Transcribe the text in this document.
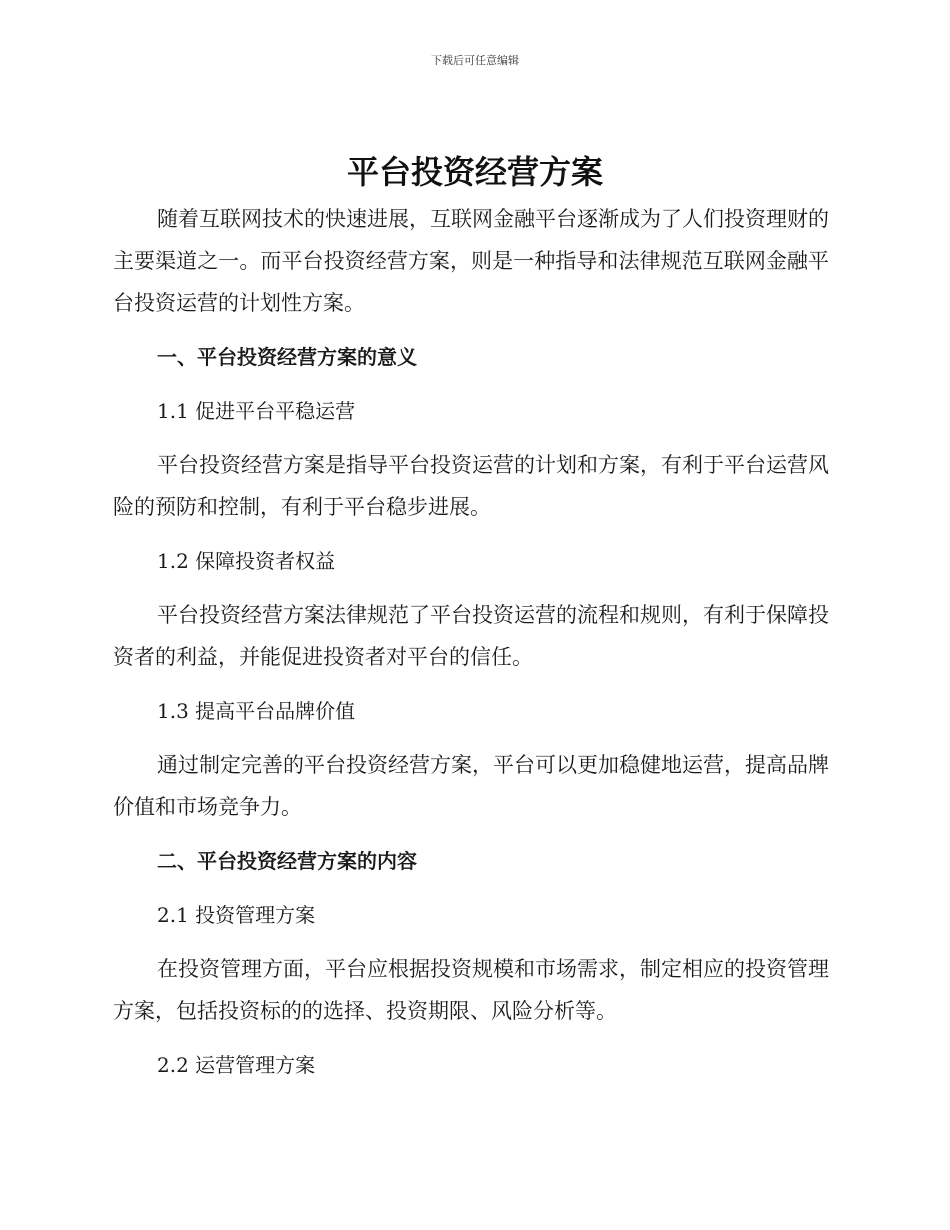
下载后可任意编辑
平台投资经营方案

随着互联网技术的快速进展，互联网金融平台逐渐成为了人们投资理财的主要渠道之一。而平台投资经营方案，则是一种指导和法律规范互联网金融平台投资运营的计划性方案。

一、平台投资经营方案的意义
1.1 促进平台平稳运营

平台投资经营方案是指导平台投资运营的计划和方案，有利于平台运营风险的预防和控制，有利于平台稳步进展。

1.2 保障投资者权益

平台投资经营方案法律规范了平台投资运营的流程和规则，有利于保障投资者的利益，并能促进投资者对平台的信任。

1.3 提高平台品牌价值

通过制定完善的平台投资经营方案，平台可以更加稳健地运营，提高品牌价值和市场竞争力。

二、平台投资经营方案的内容
2.1 投资管理方案

在投资管理方面，平台应根据投资规模和市场需求，制定相应的投资管理方案，包括投资标的的选择、投资期限、风险分析等。

2.2 运营管理方案
